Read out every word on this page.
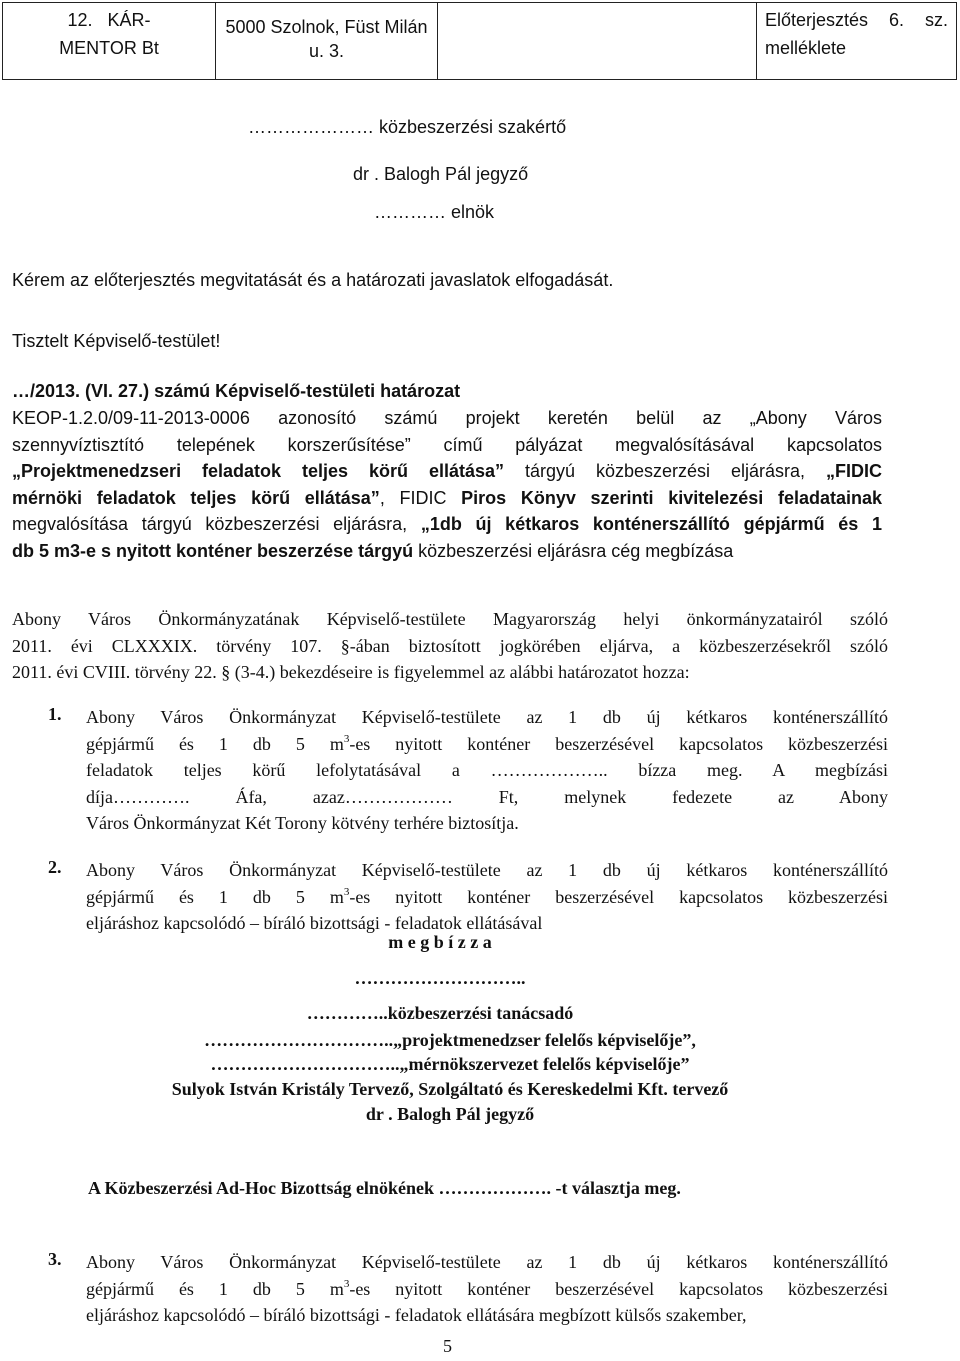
12.   KÁR-
MENTOR Bt

5000 Szolnok, Füst Milán
u. 3.

Előterjesztés 6. sz.
melléklete
………………… közbeszerzési szakértő
dr . Balogh Pál jegyző
………… elnök
Kérem az előterjesztés megvitatását és a határozati javaslatok elfogadását.
Tisztelt Képviselő-testület!
…/2013. (VI. 27.) számú Képviselő-testületi határozat
KEOP-1.2.0/09-11-2013-0006 azonosító számú projekt keretén belül az „Abony Város
szennyvíztisztító telepének korszerűsítése” című pályázat megvalósításával kapcsolatos
„Projektmenedzseri feladatok teljes körű ellátása” tárgyú közbeszerzési eljárásra, „FIDIC
mérnöki feladatok teljes körű ellátása”, FIDIC Piros Könyv szerinti kivitelezési feladatainak
megvalósítása tárgyú közbeszerzési eljárásra, „1db új kétkaros konténerszállító gépjármű és 1
db 5 m3-e s nyitott konténer beszerzése tárgyú közbeszerzési eljárásra cég megbízása
Abony Város Önkormányzatának Képviselő-testülete Magyarország helyi önkormányzatairól szóló
2011. évi CLXXXIX. törvény 107. §-ában biztosított jogkörében eljárva, a közbeszerzésekről szóló
2011. évi CVIII. törvény 22. § (3-4.) bekezdéseire is figyelemmel az alábbi határozatot hozza:
1. Abony Város Önkormányzat Képviselő-testülete az 1 db új kétkaros konténerszállító
gépjármű és 1 db 5 $m^3-es$ nyitott konténer beszerzésével kapcsolatos közbeszerzési
feladatok teljes körű lefolytatásával a ……………….. bízza meg. A megbízási
díja…………. Áfa, azaz……………… Ft, melynek fedezete az Abony
Város Önkormányzat Két Torony kötvény terhére biztosítja.
2. Abony Város Önkormányzat Képviselő-testülete az 1 db új kétkaros konténerszállító
gépjármű és 1 db 5 $m^3-es$ nyitott konténer beszerzésével kapcsolatos közbeszerzési
eljáráshoz kapcsolódó – bíráló bizottsági - feladatok ellátásával
m e g b í z z a
………………………..
…………..közbeszerzési tanácsadó
…………………………..„projektmenedzser felelős képviselője”,
…………………………..„mérnökszervezet felelős képviselője”
Sulyok István Kristály Tervező, Szolgáltató és Kereskedelmi Kft. tervező
dr . Balogh Pál jegyző
A Közbeszerzési Ad-Hoc Bizottság elnökének ………………. -t választja meg.
3. Abony Város Önkormányzat Képviselő-testülete az 1 db új kétkaros konténerszállító
gépjármű és 1 db 5 $m^3-es$ nyitott konténer beszerzésével kapcsolatos közbeszerzési
eljáráshoz kapcsolódó – bíráló bizottsági - feladatok ellátására megbízott külsős szakember,
5
